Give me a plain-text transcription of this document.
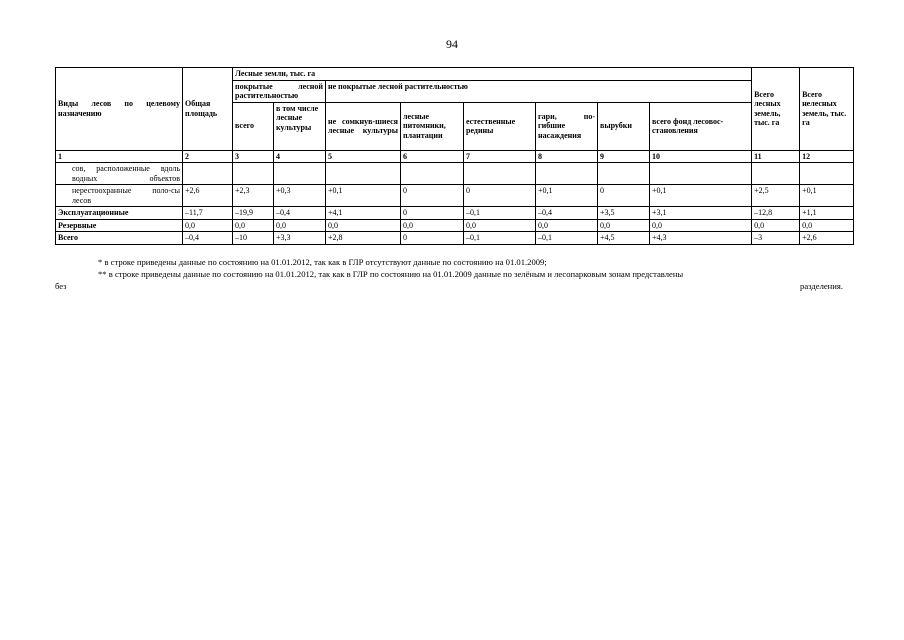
94
Виды лесов по целевому назначению	Общая площадь	Лесные земли, тыс. га								Всего лесных земель, тыс. га	Всего нелесных земель, тыс. га
		покрытые лесной растительностью		не покрытые лесной растительностью							

		всего	в том числе лесные культуры	не сомкнув-шиеся лесные культуры	лесные питомники, плантации	естественные редины	гари, по-гибшие насаждения	вырубки	всего фонд лесовос-становления		
1	2	3	4	5	6	7	8	9	10	11	12
сов, расположенные вдоль водных объектов											
нерестоохранные поло-сы лесов	+2,6	+2,3	+0,3	+0,1	0	0	+0,1	0	+0,1	+2,5	+0,1
Эксплуатационные	–11,7	–19,9	–0,4	+4,1	0	–0,1	–0,4	+3,5	+3,1	–12,8	+1,1
Резервные	0,0	0,0	0,0	0,0	0,0	0,0	0,0	0,0	0,0	0,0	0,0
Всего	–0,4	–10	+3,3	+2,8	0	–0,1	–0,1	+4,5	+4,3	–3	+2,6

* в строке приведены данные по состоянию на 01.01.2012, так как в ГЛР отсутствуют данные по состоянию на 01.01.2009;

** в строке приведены данные по состоянию на 01.01.2012, так как в ГЛР по состоянию на 01.01.2009 данные по зелёным и лесопарковым зонам представлены

без	разделения.
